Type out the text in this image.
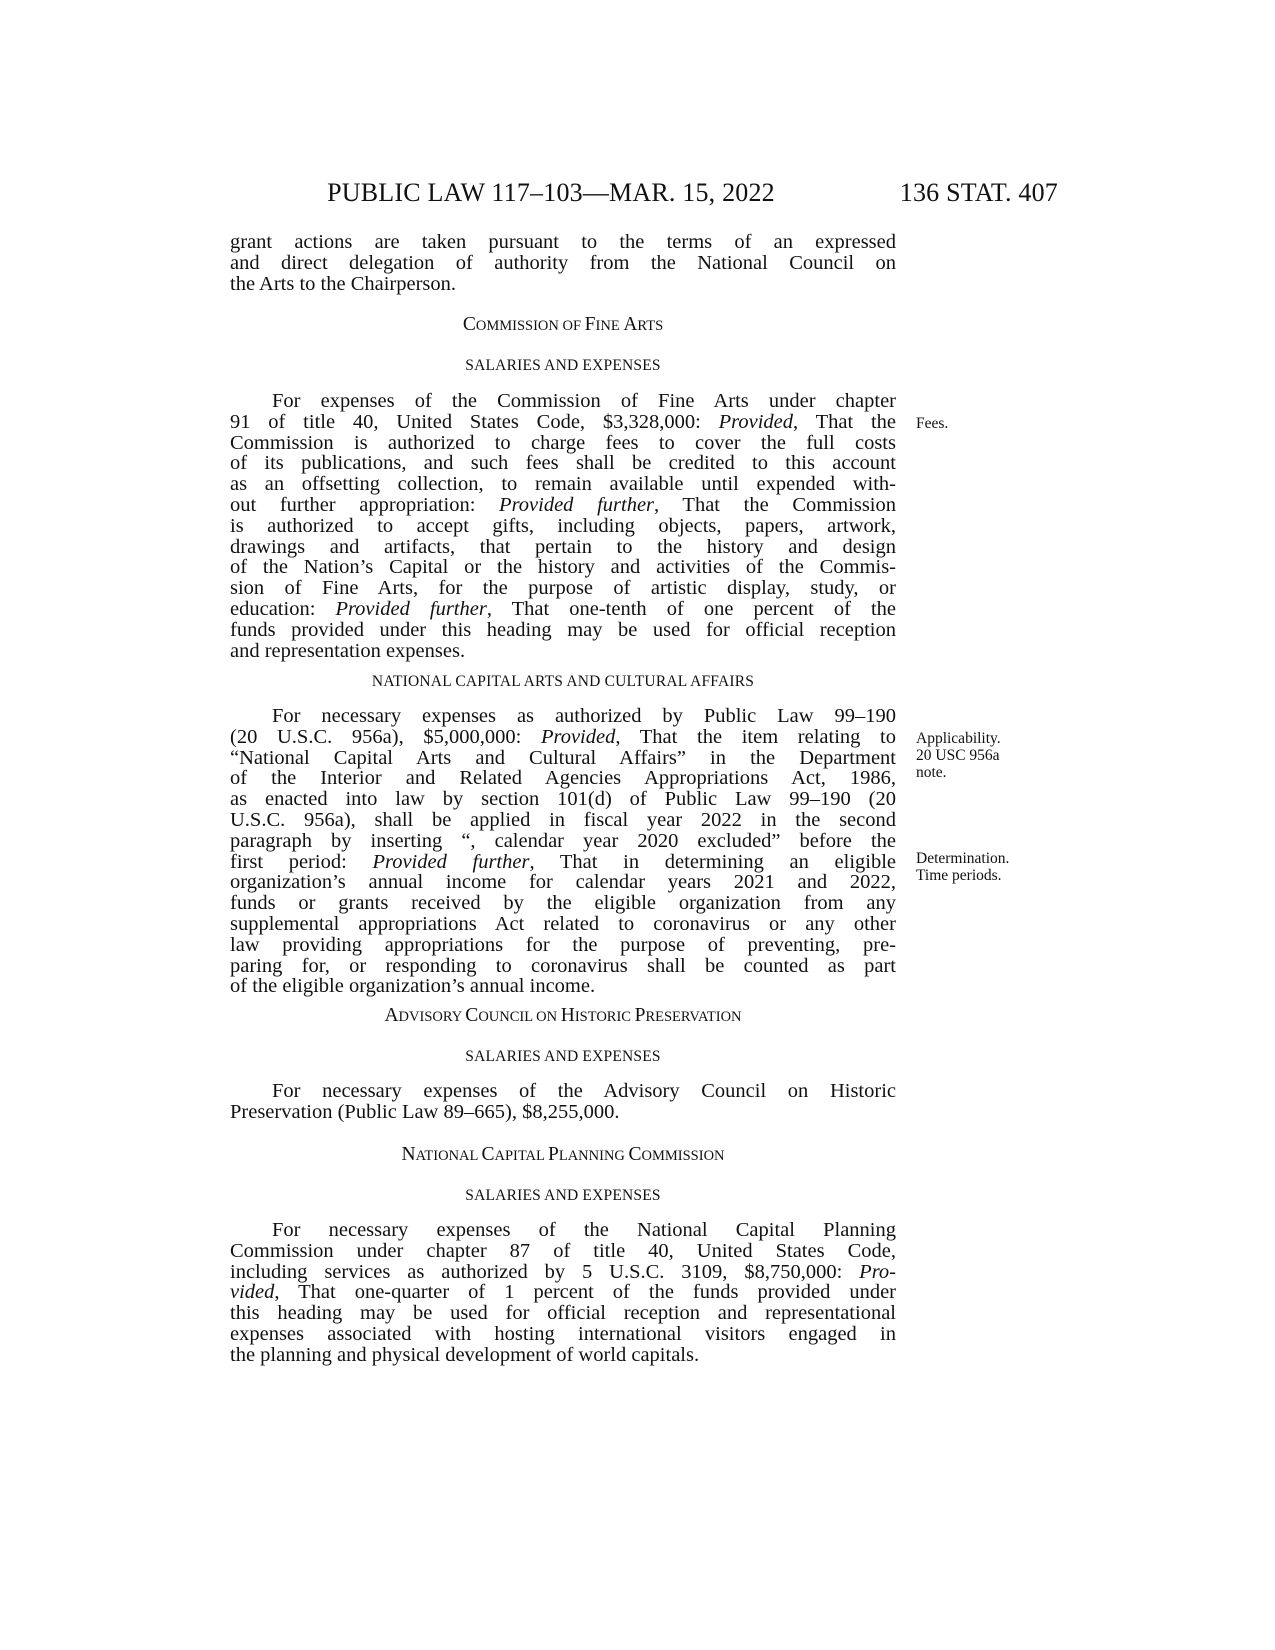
PUBLIC LAW 117–103—MAR. 15, 2022	136 STAT. 407
grant actions are taken pursuant to the terms of an expressed
and direct delegation of authority from the National Council on
the Arts to the Chairperson.
COMMISSION OF FINE ARTS
SALARIES AND EXPENSES
For expenses of the Commission of Fine Arts under chapter
91 of title 40, United States Code, $3,328,000: Provided, That the
Commission is authorized to charge fees to cover the full costs
of its publications, and such fees shall be credited to this account
as an offsetting collection, to remain available until expended with-
out further appropriation: Provided further, That the Commission
is authorized to accept gifts, including objects, papers, artwork,
drawings and artifacts, that pertain to the history and design
of the Nation’s Capital or the history and activities of the Commis-
sion of Fine Arts, for the purpose of artistic display, study, or
education: Provided further, That one-tenth of one percent of the
funds provided under this heading may be used for official reception
and representation expenses.
Fees.
NATIONAL CAPITAL ARTS AND CULTURAL AFFAIRS
For necessary expenses as authorized by Public Law 99–190
(20 U.S.C. 956a), $5,000,000: Provided, That the item relating to
“National Capital Arts and Cultural Affairs” in the Department
of the Interior and Related Agencies Appropriations Act, 1986,
as enacted into law by section 101(d) of Public Law 99–190 (20
U.S.C. 956a), shall be applied in fiscal year 2022 in the second
paragraph by inserting “, calendar year 2020 excluded” before the
first period: Provided further, That in determining an eligible
organization’s annual income for calendar years 2021 and 2022,
funds or grants received by the eligible organization from any
supplemental appropriations Act related to coronavirus or any other
law providing appropriations for the purpose of preventing, pre-
paring for, or responding to coronavirus shall be counted as part
of the eligible organization’s annual income.
Applicability.
20 USC 956a
note.
Determination.
Time periods.
ADVISORY COUNCIL ON HISTORIC PRESERVATION
SALARIES AND EXPENSES
For necessary expenses of the Advisory Council on Historic
Preservation (Public Law 89–665), $8,255,000.
NATIONAL CAPITAL PLANNING COMMISSION
SALARIES AND EXPENSES
For necessary expenses of the National Capital Planning
Commission under chapter 87 of title 40, United States Code,
including services as authorized by 5 U.S.C. 3109, $8,750,000: Pro-
vided, That one-quarter of 1 percent of the funds provided under
this heading may be used for official reception and representational
expenses associated with hosting international visitors engaged in
the planning and physical development of world capitals.
